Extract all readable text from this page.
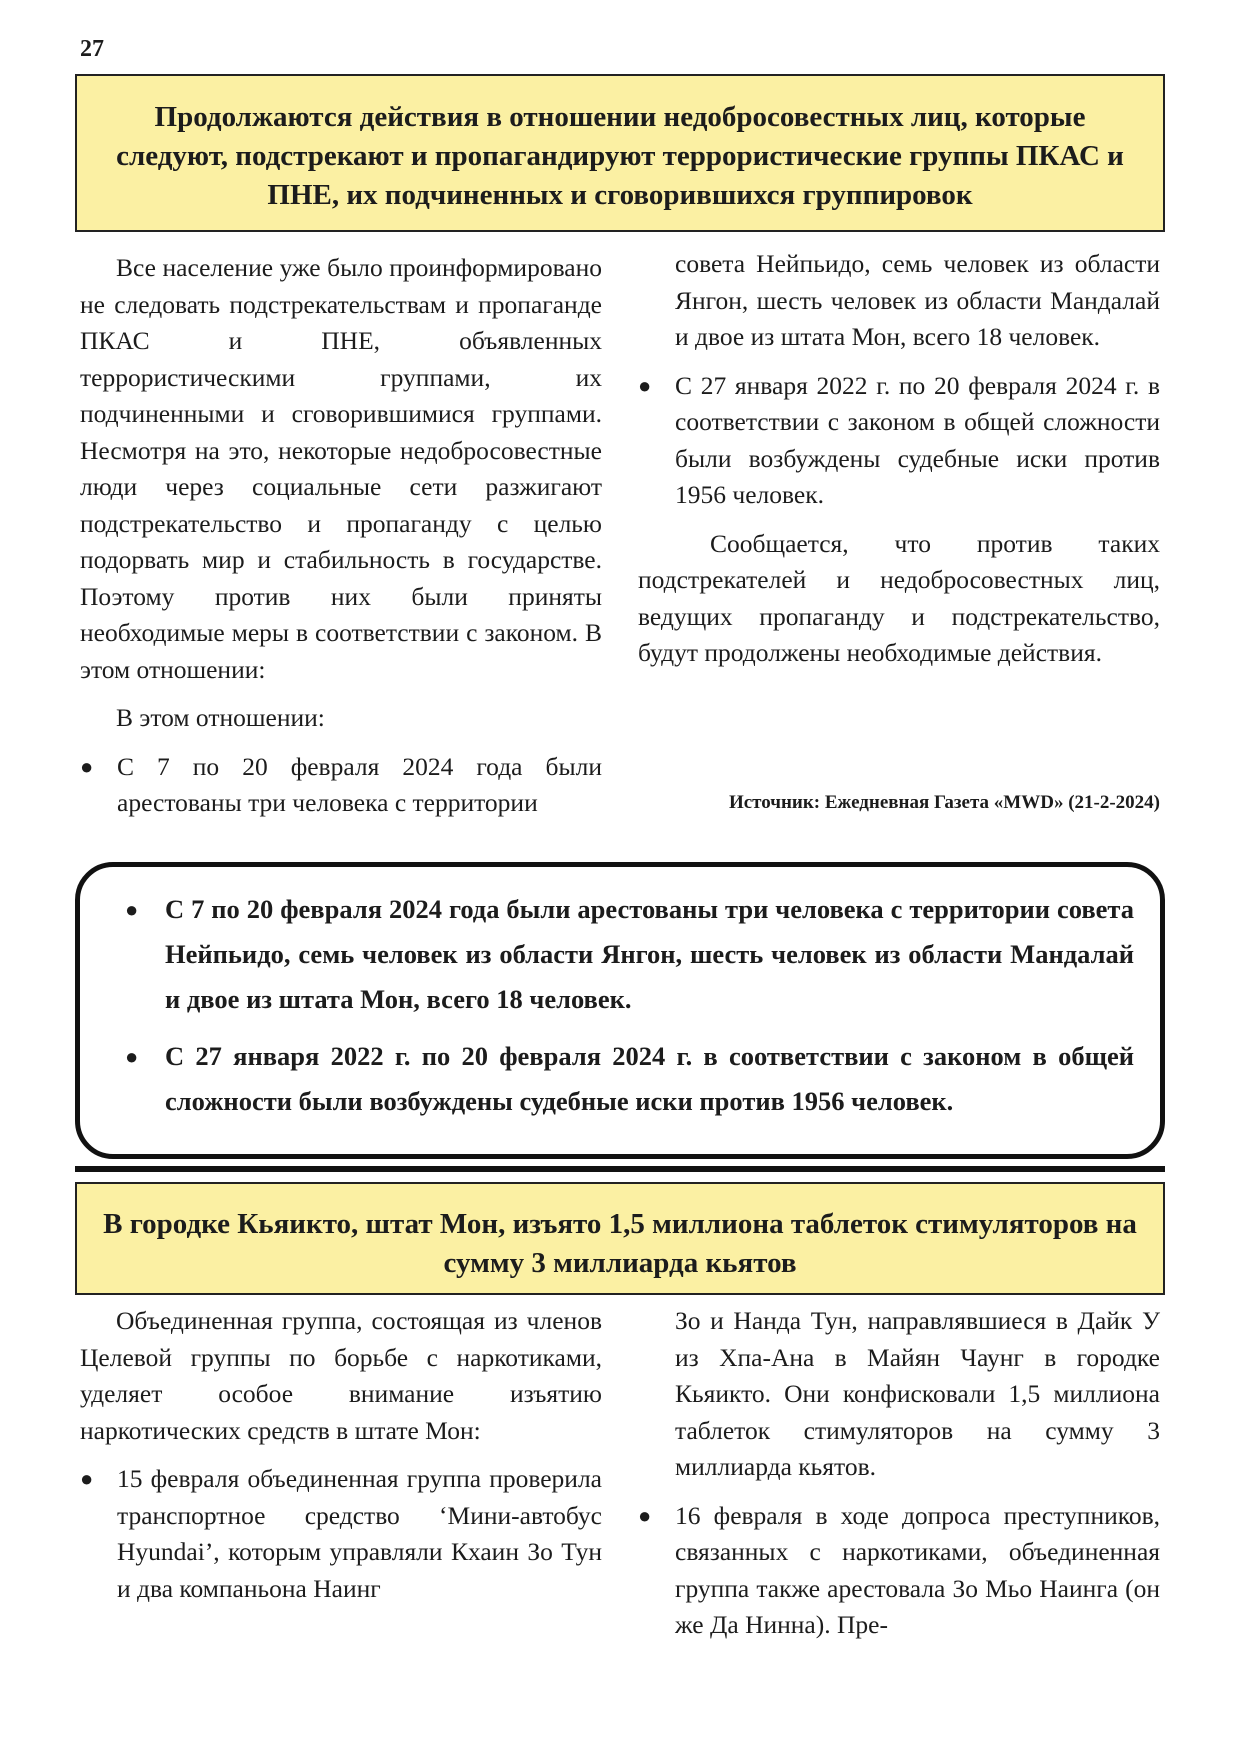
27
Продолжаются действия в отношении недобросовестных лиц, которые следуют, подстрекают и пропагандируют террористические группы ПКАС и ПНЕ, их подчиненных и сговорившихся группировок

Все население уже было проинформировано не следовать подстрекательствам и пропаганде ПКАС и ПНЕ, объявленных террористическими группами, их подчиненными и сговорившимися группами. Несмотря на это, некоторые недобросовестные люди через социальные сети разжигают подстрекательство и пропаганду с целью подорвать мир и стабильность в государстве. Поэтому против них были приняты необходимые меры в соответствии с законом. В этом отношении:

В этом отношении:

● С 7 по 20 февраля 2024 года были арестованы три человека с территории

совета Нейпьидо, семь человек из области Янгон, шесть человек из области Мандалай и двое из штата Мон, всего 18 человек.

● С 27 января 2022 г. по 20 февраля 2024 г. в соответствии с законом в общей сложности были возбуждены судебные иски против 1956 человек.

Сообщается, что против таких подстрекателей и недобросовестных лиц, ведущих пропаганду и подстрекательство, будут продолжены необходимые действия.

Источник: Ежедневная Газета «MWD» (21-2-2024)
● С 7 по 20 февраля 2024 года были арестованы три человека с территории совета Нейпьидо, семь человек из области Янгон, шесть человек из области Мандалай и двое из штата Мон, всего 18 человек.
● С 27 января 2022 г. по 20 февраля 2024 г. в соответствии с законом в общей сложности были возбуждены судебные иски против 1956 человек.
В городке Кьяикто, штат Мон, изъято 1,5 миллиона таблеток стимуляторов на сумму 3 миллиарда кьятов

Объединенная группа, состоящая из членов Целевой группы по борьбе с наркотиками, уделяет особое внимание изъятию наркотических средств в штате Мон:

● 15 февраля объединенная группа проверила транспортное средство ‘Мини-автобус Hyundai’, которым управляли Кхаин Зо Тун и два компаньона Наинг

Зо и Нанда Тун, направлявшиеся в Дайк У из Хпа-Ана в Майян Чаунг в городке Кьяикто. Они конфисковали 1,5 миллиона таблеток стимуляторов на сумму 3 миллиарда кьятов.

● 16 февраля в ходе допроса преступников, связанных с наркотиками, объединенная группа также арестовала Зо Мьо Наинга (он же Да Нинна). Пре-
